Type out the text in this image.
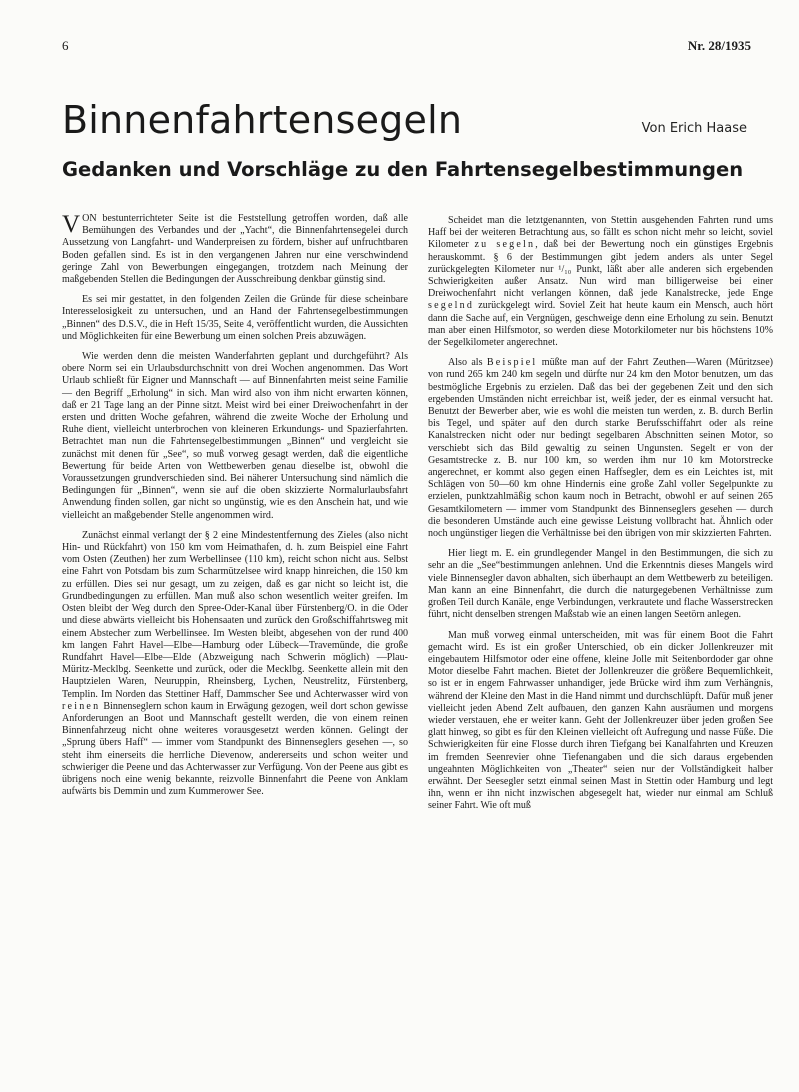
6	Nr. 28/1935
Binnenfahrtensegeln	Von Erich Haase
Gedanken und Vorschläge zu den Fahrtensegelbestimmungen

VON bestunterrichteter Seite ist die Feststellung getroffen worden, daß alle Bemühungen des Verbandes und der „Yacht“, die Binnenfahrtensegelei durch Aussetzung von Langfahrt- und Wanderpreisen zu fördern, bisher auf unfruchtbaren Boden gefallen sind. Es ist in den vergangenen Jahren nur eine verschwindend geringe Zahl von Bewerbungen eingegangen, trotzdem nach Meinung der maßgebenden Stellen die Bedingungen der Ausschreibung denkbar günstig sind.

Es sei mir gestattet, in den folgenden Zeilen die Gründe für diese scheinbare Interesselosigkeit zu untersuchen, und an Hand der Fahrtensegelbestimmungen „Binnen“ des D.S.V., die in Heft 15/35, Seite 4, veröffentlicht wurden, die Aussichten und Möglichkeiten für eine Bewerbung um einen solchen Preis abzuwägen.

Wie werden denn die meisten Wanderfahrten geplant und durchgeführt? Als obere Norm sei ein Urlaubsdurchschnitt von drei Wochen angenommen. Das Wort Urlaub schließt für Eigner und Mannschaft — auf Binnenfahrten meist seine Familie — den Begriff „Erholung“ in sich. Man wird also von ihm nicht erwarten können, daß er 21 Tage lang an der Pinne sitzt. Meist wird bei einer Dreiwochenfahrt in der ersten und dritten Woche gefahren, während die zweite Woche der Erholung und Ruhe dient, vielleicht unterbrochen von kleineren Erkundungs- und Spazierfahrten. Betrachtet man nun die Fahrtensegelbestimmungen „Binnen“ und vergleicht sie zunächst mit denen für „See“, so muß vorweg gesagt werden, daß die eigentliche Bewertung für beide Arten von Wettbewerben genau dieselbe ist, obwohl die Voraussetzungen grundverschieden sind. Bei näherer Untersuchung sind nämlich die Bedingungen für „Binnen“, wenn sie auf die oben skizzierte Normalurlaubsfahrt Anwendung finden sollen, gar nicht so ungünstig, wie es den Anschein hat, und wie vielleicht an maßgebender Stelle angenommen wird.

Zunächst einmal verlangt der § 2 eine Mindestentfernung des Zieles (also nicht Hin- und Rückfahrt) von 150 km vom Heimathafen, d. h. zum Beispiel eine Fahrt vom Osten (Zeuthen) her zum Werbellinsee (110 km), reicht schon nicht aus. Selbst eine Fahrt von Potsdam bis zum Scharmützelsee wird knapp hinreichen, die 150 km zu erfüllen. Dies sei nur gesagt, um zu zeigen, daß es gar nicht so leicht ist, die Grundbedingungen zu erfüllen. Man muß also schon wesentlich weiter greifen. Im Osten bleibt der Weg durch den Spree-Oder-Kanal über Fürstenberg/O. in die Oder und diese abwärts vielleicht bis Hohensaaten und zurück den Großschiffahrtsweg mit einem Abstecher zum Werbellinsee. Im Westen bleibt, abgesehen von der rund 400 km langen Fahrt Havel—Elbe—Hamburg oder Lübeck—Travemünde, die große Rundfahrt Havel—Elbe—Elde (Abzweigung nach Schwerin möglich) —Plau-Müritz-Mecklbg. Seenkette und zurück, oder die Mecklbg. Seenkette allein mit den Hauptzielen Waren, Neuruppin, Rheinsberg, Lychen, Neustrelitz, Fürstenberg, Templin. Im Norden das Stettiner Haff, Dammscher See und Achterwasser wird von reinen Binnenseglern schon kaum in Erwägung gezogen, weil dort schon gewisse Anforderungen an Boot und Mannschaft gestellt werden, die von einem reinen Binnenfahrzeug nicht ohne weiteres vorausgesetzt werden können. Gelingt der „Sprung übers Haff“ — immer vom Standpunkt des Binnenseglers gesehen —, so steht ihm einerseits die herrliche Dievenow, andererseits und schon weiter und schwieriger die Peene und das Achterwasser zur Verfügung. Von der Peene aus gibt es übrigens noch eine wenig bekannte, reizvolle Binnenfahrt die Peene von Anklam aufwärts bis Demmin und zum Kummerower See.

Scheidet man die letztgenannten, von Stettin ausgehenden Fahrten rund ums Haff bei der weiteren Betrachtung aus, so fällt es schon nicht mehr so leicht, soviel Kilometer zu segeln, daß bei der Bewertung noch ein günstiges Ergebnis herauskommt. § 6 der Bestimmungen gibt jedem anders als unter Segel zurückgelegten Kilometer nur ¹/₁₀ Punkt, läßt aber alle anderen sich ergebenden Schwierigkeiten außer Ansatz. Nun wird man billigerweise bei einer Dreiwochenfahrt nicht verlangen können, daß jede Kanalstrecke, jede Enge segelnd zurückgelegt wird. Soviel Zeit hat heute kaum ein Mensch, auch hört dann die Sache auf, ein Vergnügen, geschweige denn eine Erholung zu sein. Benutzt man aber einen Hilfsmotor, so werden diese Motorkilometer nur bis höchstens 10% der Segelkilometer angerechnet.

Also als Beispiel müßte man auf der Fahrt Zeuthen—Waren (Müritzsee) von rund 265 km 240 km segeln und dürfte nur 24 km den Motor benutzen, um das bestmögliche Ergebnis zu erzielen. Daß das bei der gegebenen Zeit und den sich ergebenden Umständen nicht erreichbar ist, weiß jeder, der es einmal versucht hat. Benutzt der Bewerber aber, wie es wohl die meisten tun werden, z. B. durch Berlin bis Tegel, und später auf den durch starke Berufsschiffahrt oder als reine Kanalstrecken nicht oder nur bedingt segelbaren Abschnitten seinen Motor, so verschiebt sich das Bild gewaltig zu seinen Ungunsten. Segelt er von der Gesamtstrecke z. B. nur 100 km, so werden ihm nur 10 km Motorstrecke angerechnet, er kommt also gegen einen Haffsegler, dem es ein Leichtes ist, mit Schlägen von 50—60 km ohne Hindernis eine große Zahl voller Segelpunkte zu erzielen, punktzahlmäßig schon kaum noch in Betracht, obwohl er auf seinen 265 Gesamtkilometern — immer vom Standpunkt des Binnenseglers gesehen — durch die besonderen Umstände auch eine gewisse Leistung vollbracht hat. Ähnlich oder noch ungünstiger liegen die Verhältnisse bei den übrigen von mir skizzierten Fahrten.

Hier liegt m. E. ein grundlegender Mangel in den Bestimmungen, die sich zu sehr an die „See“bestimmungen anlehnen. Und die Erkenntnis dieses Mangels wird viele Binnensegler davon abhalten, sich überhaupt an dem Wettbewerb zu beteiligen. Man kann an eine Binnenfahrt, die durch die naturgegebenen Verhältnisse zum großen Teil durch Kanäle, enge Verbindungen, verkrautete und flache Wasserstrecken führt, nicht denselben strengen Maßstab wie an einen langen Seetörn anlegen.

Man muß vorweg einmal unterscheiden, mit was für einem Boot die Fahrt gemacht wird. Es ist ein großer Unterschied, ob ein dicker Jollenkreuzer mit eingebautem Hilfsmotor oder eine offene, kleine Jolle mit Seitenbordoder gar ohne Motor dieselbe Fahrt machen. Bietet der Jollenkreuzer die größere Bequemlichkeit, so ist er in engem Fahrwasser unhandiger, jede Brücke wird ihm zum Verhängnis, während der Kleine den Mast in die Hand nimmt und durchschlüpft. Dafür muß jener vielleicht jeden Abend Zelt aufbauen, den ganzen Kahn ausräumen und morgens wieder verstauen, ehe er weiter kann. Geht der Jollenkreuzer über jeden großen See glatt hinweg, so gibt es für den Kleinen vielleicht oft Aufregung und nasse Füße. Die Schwierigkeiten für eine Flosse durch ihren Tiefgang bei Kanalfahrten und Kreuzen im fremden Seenrevier ohne Tiefenangaben und die sich daraus ergebenden ungeahnten Möglichkeiten von „Theater“ seien nur der Vollständigkeit halber erwähnt. Der Seesegler setzt einmal seinen Mast in Stettin oder Hamburg und legt ihn, wenn er ihn nicht inzwischen abgesegelt hat, wieder nur einmal am Schluß seiner Fahrt. Wie oft muß
